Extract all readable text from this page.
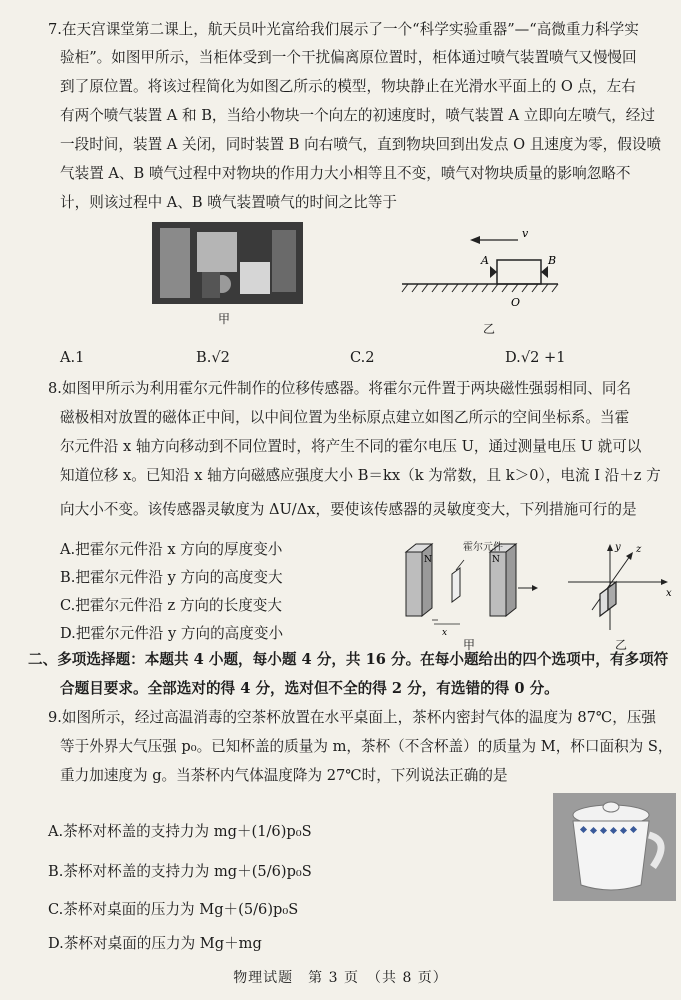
7.在天宫课堂第二课上，航天员叶光富给我们展示了一个“科学实验重器”—“高微重力科学实
验柜”。如图甲所示，当柜体受到一个干扰偏离原位置时，柜体通过喷气装置喷气又慢慢回
到了原位置。将该过程简化为如图乙所示的模型，物块静止在光滑水平面上的 O 点，左右
有两个喷气装置 A 和 B，当给小物块一个向左的初速度时，喷气装置 A 立即向左喷气，经过
一段时间，装置 A 关闭，同时装置 B 向右喷气，直到物块回到出发点 O 且速度为零，假设喷
气装置 A、B 喷气过程中对物块的作用力大小相等且不变，喷气对物块质量的影响忽略不
计，则该过程中 A、B 喷气装置喷气的时间之比等于
甲
v
A	B
O
乙
A.1	B.√2	C.2	D.√2 +1
8.如图甲所示为利用霍尔元件制作的位移传感器。将霍尔元件置于两块磁性强弱相同、同名
磁极相对放置的磁体正中间，以中间位置为坐标原点建立如图乙所示的空间坐标系。当霍
尔元件沿 x 轴方向移动到不同位置时，将产生不同的霍尔电压 U，通过测量电压 U 就可以
知道位移 x。已知沿 x 轴方向磁感应强度大小 B＝kx（k 为常数，且 k＞0），电流 I 沿＋z 方
向大小不变。该传感器灵敏度为 ΔU/Δx，要使该传感器的灵敏度变大，下列措施可行的是
A.把霍尔元件沿 x 方向的厚度变小
B.把霍尔元件沿 y 方向的高度变大
C.把霍尔元件沿 z 方向的长度变大
D.把霍尔元件沿 y 方向的高度变小
N	N
x
霍尔元件
甲
x
y z
乙
二、多项选择题：本题共 4 小题，每小题 4 分，共 16 分。在每小题给出的四个选项中，有多项符
合题目要求。全部选对的得 4 分，选对但不全的得 2 分，有选错的得 0 分。
9.如图所示，经过高温消毒的空茶杯放置在水平桌面上，茶杯内密封气体的温度为 87℃，压强
等于外界大气压强 p₀。已知杯盖的质量为 m，茶杯（不含杯盖）的质量为 M，杯口面积为 S，
重力加速度为 g。当茶杯内气体温度降为 27℃时，下列说法正确的是
A.茶杯对杯盖的支持力为 mg＋(1/6)p₀S
B.茶杯对杯盖的支持力为 mg＋(5/6)p₀S
C.茶杯对桌面的压力为 Mg＋(5/6)p₀S
D.茶杯对桌面的压力为 Mg＋mg
物理试题　第 3 页　（共 8 页）
